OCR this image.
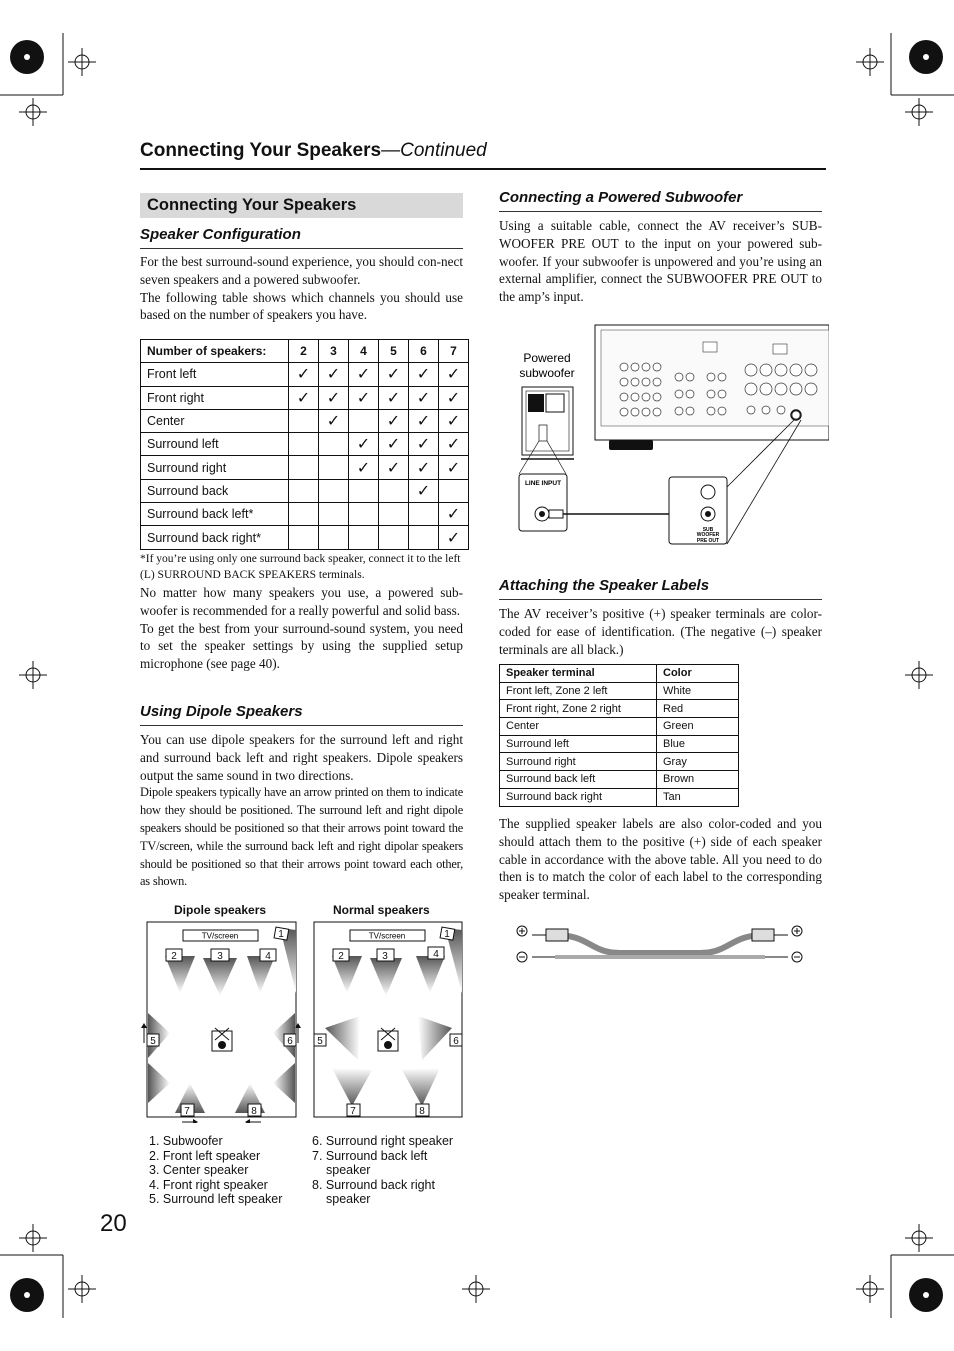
Connecting Your Speakers—Continued
Connecting Your Speakers
Speaker Configuration
For the best surround-sound experience, you should con-nect seven speakers and a powered subwoofer.
The following table shows which channels you should use based on the number of speakers you have.
Number of speakers:	2	3	4	5	6	7
Front left	✓	✓	✓	✓	✓	✓
Front right	✓	✓	✓	✓	✓	✓
Center		✓		✓	✓	✓
Surround left			✓	✓	✓	✓
Surround right			✓	✓	✓	✓
Surround back					✓	
Surround back left*						✓
Surround back right*						✓
*If you’re using only one surround back speaker, connect it to the left (L) SURROUND BACK SPEAKERS terminals.
No matter how many speakers you use, a powered sub-woofer is recommended for a really powerful and solid bass.
To get the best from your surround-sound system, you need to set the speaker settings by using the supplied setup microphone (see page 40).
Using Dipole Speakers
You can use dipole speakers for the surround left and right and surround back left and right speakers. Dipole speakers output the same sound in two directions.
Dipole speakers typically have an arrow printed on them to indicate how they should be positioned. The surround left and right dipole speakers should be positioned so that their arrows point toward the TV/screen, while the surround back left and right dipolar speakers should be positioned so that their arrows point toward each other, as shown.
Dipole speakers	Normal speakers
TV/screen	1
2	3	4
5	6
7	8
TV/screen	1
2	3	4
5	6
7	8
1. Subwoofer
2. Front left speaker
3. Center speaker
4. Front right speaker
5. Surround left speaker
6. Surround right speaker
7. Surround back left
speaker
8. Surround back right
speaker
20
Connecting a Powered Subwoofer
Using a suitable cable, connect the AV receiver’s SUB-WOOFER PRE OUT to the input on your powered sub-woofer. If your subwoofer is unpowered and you’re using an external amplifier, connect the SUBWOOFER PRE OUT to the amp’s input.
Powered
subwoofer
LINE INPUT
SUB
WOOFER
PRE OUT
Attaching the Speaker Labels
The AV receiver’s positive (+) speaker terminals are color-coded for ease of identification. (The negative (–) speaker terminals are all black.)
Speaker terminal	Color
Front left, Zone 2 left	White
Front right, Zone 2 right	Red
Center	Green
Surround left	Blue
Surround right	Gray
Surround back left	Brown
Surround back right	Tan
The supplied speaker labels are also color-coded and you should attach them to the positive (+) side of each speaker cable in accordance with the above table. All you need to do then is to match the color of each label to the corresponding speaker terminal.
